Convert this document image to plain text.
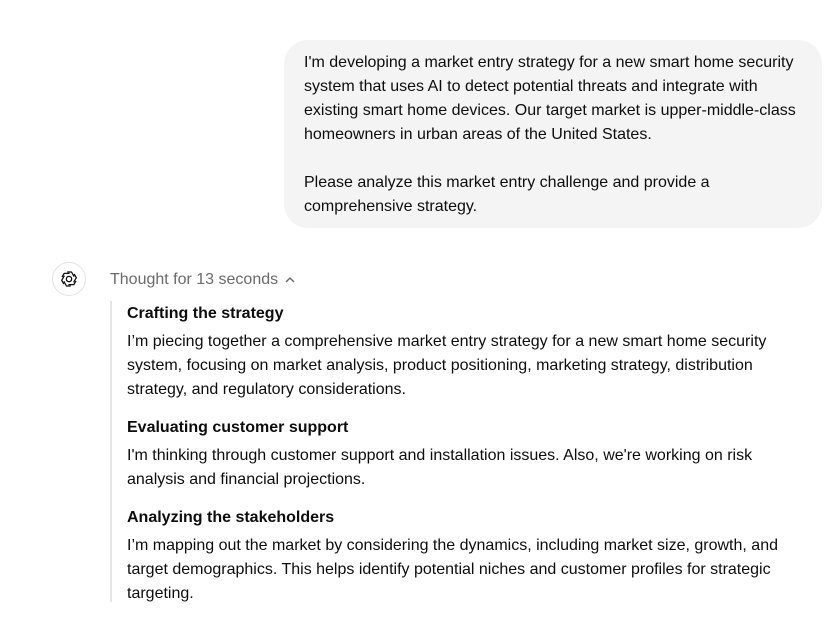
I'm developing a market entry strategy for a new smart home security system that uses AI to detect potential threats and integrate with existing smart home devices. Our target market is upper-middle-class homeowners in urban areas of the United States.

Please analyze this market entry challenge and provide a comprehensive strategy.

Thought for 13 seconds

Crafting the strategy

I’m piecing together a comprehensive market entry strategy for a new smart home security system, focusing on market analysis, product positioning, marketing strategy, distribution strategy, and regulatory considerations.

Evaluating customer support

I'm thinking through customer support and installation issues. Also, we're working on risk analysis and financial projections.

Analyzing the stakeholders

I’m mapping out the market by considering the dynamics, including market size, growth, and target demographics. This helps identify potential niches and customer profiles for strategic targeting.
